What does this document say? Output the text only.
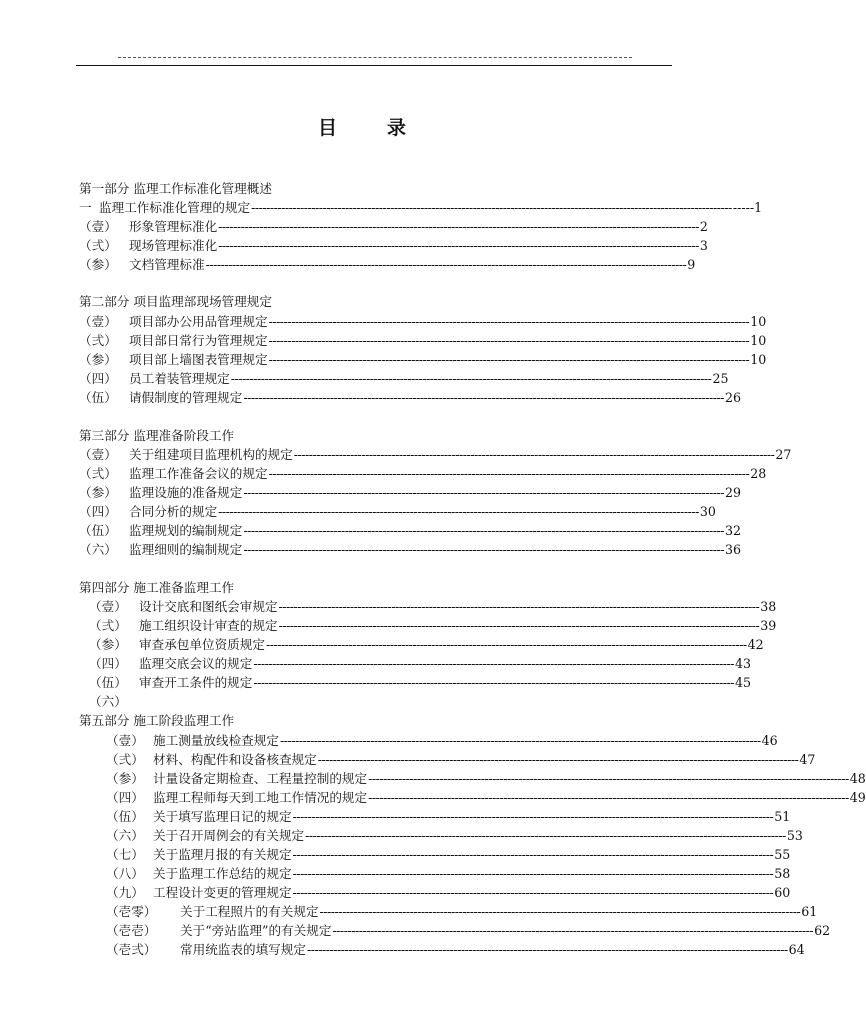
目	录
第一部分 监理工作标准化管理概述
一 监理工作标准化管理的规定 -------------------------------------------------------------------------------------------------------------------------------- -----1
（壹） 形象管理标准化 -------------------------------------------------------------------------------------------------------------------------------- 2
（弍） 现场管理标准化 -------------------------------------------------------------------------------------------------------------------------------- 3
（参） 文档管理标准 -------------------------------------------------------------------------------------------------------------------------------- 9
第二部分 项目监理部现场管理规定
（壹） 项目部办公用品管理规定 -------------------------------------------------------------------------------------------------------------------------------- 10
（弍） 项目部日常行为管理规定 -------------------------------------------------------------------------------------------------------------------------------- 10
（参） 项目部上墙图表管理规定 -------------------------------------------------------------------------------------------------------------------------------- 10
（四） 员工着装管理规定 -------------------------------------------------------------------------------------------------------------------------------- 25
（伍） 请假制度的管理规定 -------------------------------------------------------------------------------------------------------------------------------- 26
第三部分 监理准备阶段工作
（壹） 关于组建项目监理机构的规定 -------------------------------------------------------------------------------------------------------------------------------- 27
（弍） 监理工作准备会议的规定 -------------------------------------------------------------------------------------------------------------------------------- 28
（参） 监理设施的准备规定 -------------------------------------------------------------------------------------------------------------------------------- 29
（四） 合同分析的规定 -------------------------------------------------------------------------------------------------------------------------------- 30
（伍） 监理规划的编制规定 -------------------------------------------------------------------------------------------------------------------------------- 32
（六） 监理细则的编制规定 -------------------------------------------------------------------------------------------------------------------------------- 36
第四部分 施工准备监理工作
（壹） 设计交底和图纸会审规定 -------------------------------------------------------------------------------------------------------------------------------- 38
（弍） 施工组织设计审查的规定 -------------------------------------------------------------------------------------------------------------------------------- 39
（参） 审查承包单位资质规定 -------------------------------------------------------------------------------------------------------------------------------- 42
（四） 监理交底会议的规定 -------------------------------------------------------------------------------------------------------------------------------- 43
（伍） 审查开工条件的规定 -------------------------------------------------------------------------------------------------------------------------------- 45
（六）
第五部分 施工阶段监理工作
（壹） 施工测量放线检查规定 -------------------------------------------------------------------------------------------------------------------------------- 46
（弍） 材料、构配件和设备核查规定 -------------------------------------------------------------------------------------------------------------------------------- 47
（参） 计量设备定期检查、工程量控制的规定 -------------------------------------------------------------------------------------------------------------------------------- 48
（四） 监理工程师每天到工地工作情况的规定 -------------------------------------------------------------------------------------------------------------------------------- 49
（伍） 关于填写监理日记的规定 -------------------------------------------------------------------------------------------------------------------------------- 51
（六） 关于召开周例会的有关规定 -------------------------------------------------------------------------------------------------------------------------------- 53
（七） 关于监理月报的有关规定 -------------------------------------------------------------------------------------------------------------------------------- 55
（八） 关于监理工作总结的规定 -------------------------------------------------------------------------------------------------------------------------------- 58
（九） 工程设计变更的管理规定 -------------------------------------------------------------------------------------------------------------------------------- 60
（壱零）	关于工程照片的有关规定 -------------------------------------------------------------------------------------------------------------------------------- 61
（壱壱）	关于“旁站监理”的有关规定 -------------------------------------------------------------------------------------------------------------------------------- 62
（壱弍）	常用统监表的填写规定 -------------------------------------------------------------------------------------------------------------------------------- 64
